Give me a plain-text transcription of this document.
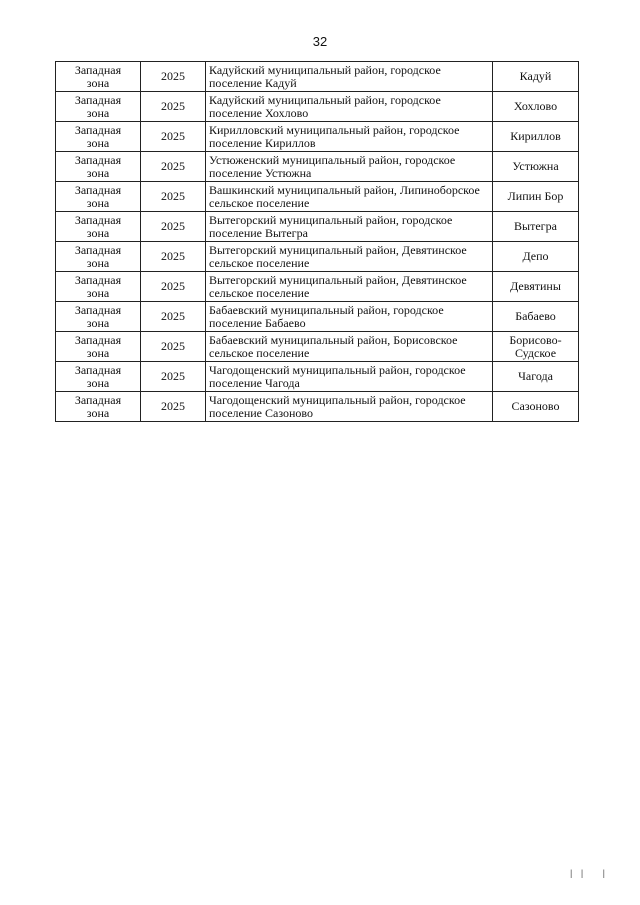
32
Западная
зона	2025	Кадуйский муниципальный район, городское поселение Кадуй	Кадуй

Западная
зона	2025	Кадуйский муниципальный район, городское поселение Хохлово	Хохлово

Западная
зона	2025	Кирилловский муниципальный район, городское поселение Кириллов	Кириллов

Западная
зона	2025	Устюженский муниципальный район, городское поселение Устюжна	Устюжна

Западная
зона	2025	Вашкинский муниципальный район, Липиноборское сельское поселение	Липин Бор

Западная
зона	2025	Вытегорский муниципальный район, городское поселение Вытегра	Вытегра

Западная
зона	2025	Вытегорский муниципальный район, Девятинское сельское поселение	Депо

Западная
зона	2025	Вытегорский муниципальный район, Девятинское сельское поселение	Девятины

Западная
зона	2025	Бабаевский муниципальный район, городское поселение Бабаево	Бабаево

Западная
зона	2025	Бабаевский муниципальный район, Борисовское сельское поселение	Борисово-Судское

Западная
зона	2025	Чагодощенский муниципальный район, городское поселение Чагода	Чагода

Западная
зона	2025	Чагодощенский муниципальный район, городское поселение Сазоново	Сазоново
| |   |
